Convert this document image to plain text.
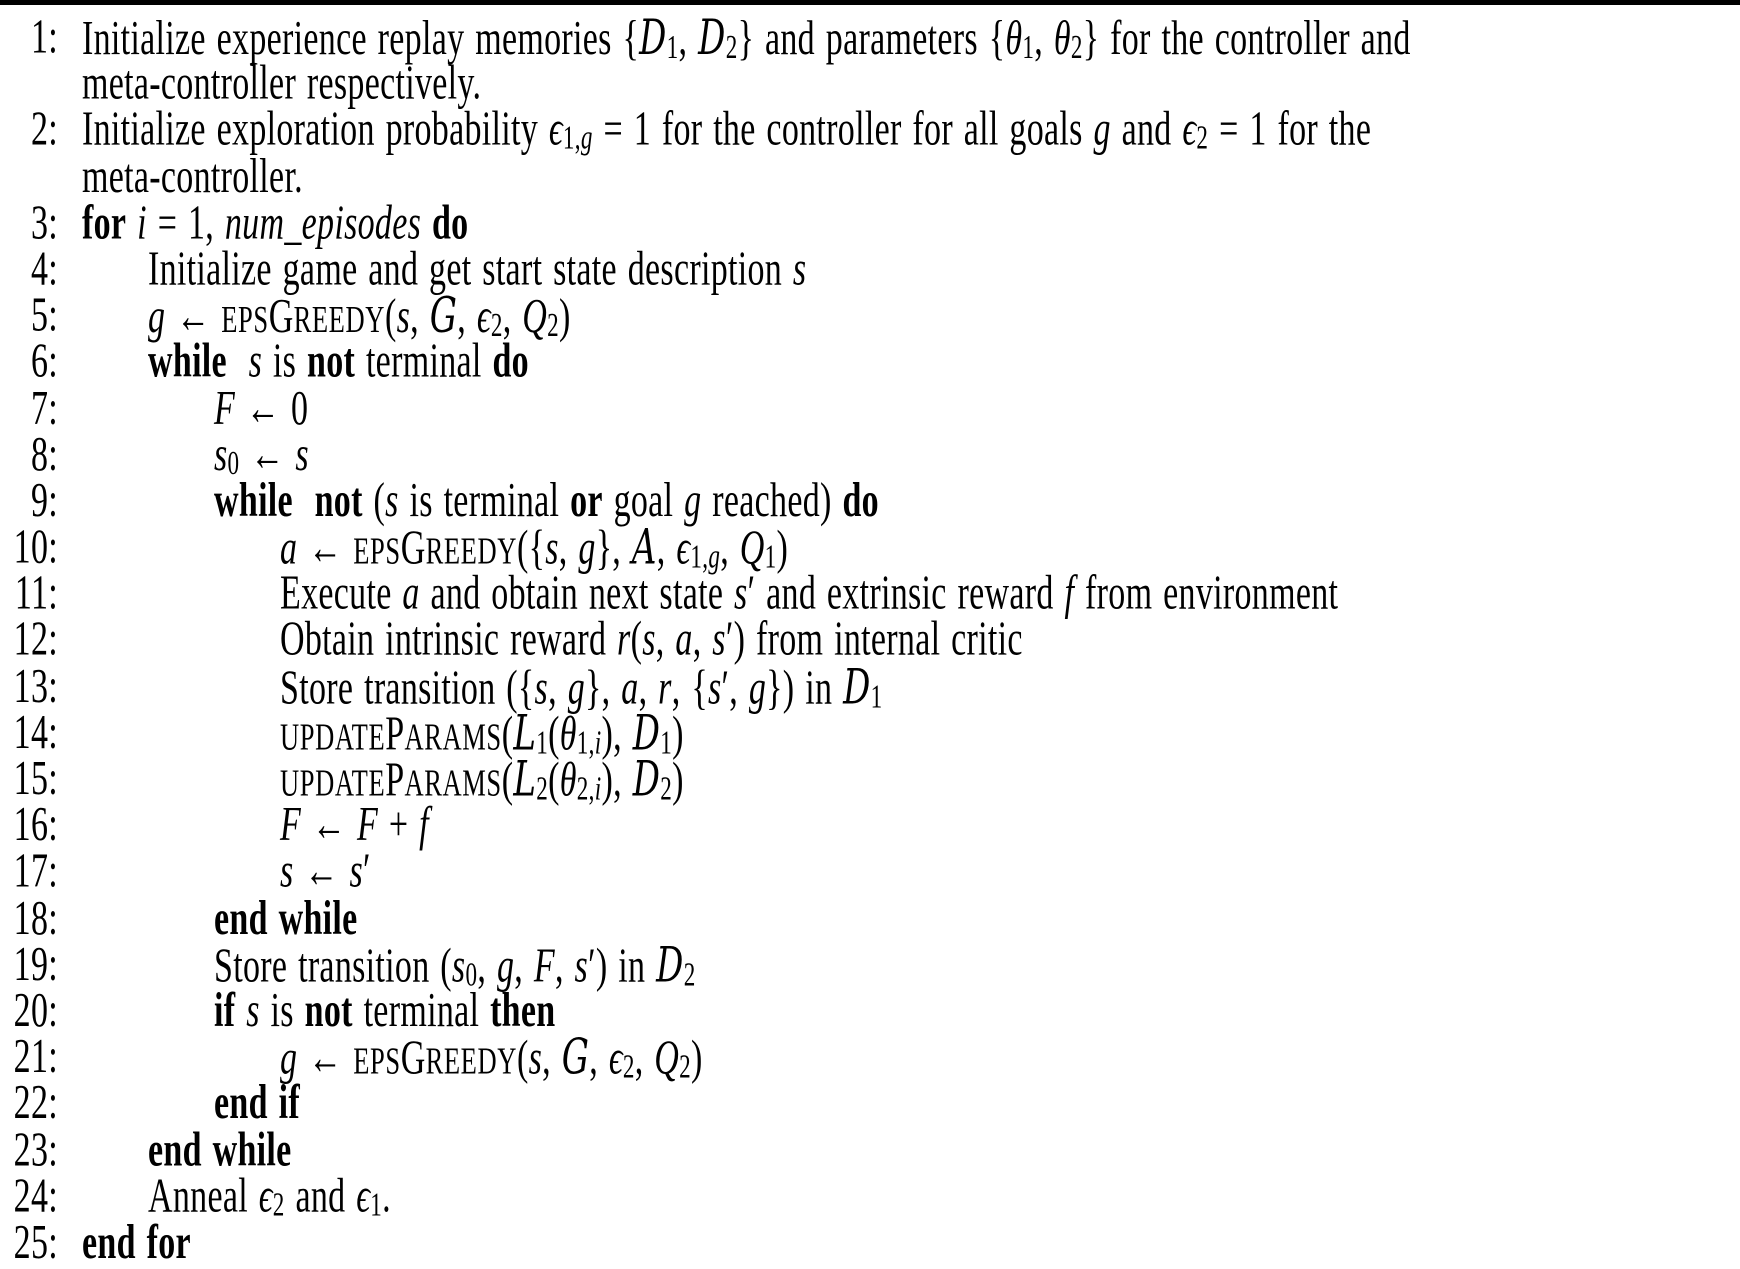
1: Initialize experience replay memories {D1, D2} and parameters {θ1, θ2} for the controller and
meta-controller respectively.
2: Initialize exploration probability ϵ1,g = 1 for the controller for all goals g and ϵ2 = 1 for the
meta-controller.
3: for i = 1, num_episodes do
4:	Initialize game and get start state description s
5:	g ← EPSGREEDY(s, G, ϵ2, Q2)
6:	while s is not terminal do
7:	F ← 0
8:	s0 ← s
9:	while not (s is terminal or goal g reached) do
10:	a ← EPSGREEDY({s, g}, A, ϵ1,g, Q1)
11:	Execute a and obtain next state s′ and extrinsic reward f from environment
12:	Obtain intrinsic reward r(s, a, s′) from internal critic
13:	Store transition ({s, g}, a, r, {s′, g}) in D1
14:	UPDATEPARAMS(L1(θ1,i), D1)
15:	UPDATEPARAMS(L2(θ2,i), D2)
16:	F ← F + f
17:	s ← s′
18:	end while
19:	Store transition (s0, g, F, s′) in D2
20:	if s is not terminal then
21:	g ← EPSGREEDY(s, G, ϵ2, Q2)
22:	end if
23:	end while
24:	Anneal ϵ2 and ϵ1.
25: end for
